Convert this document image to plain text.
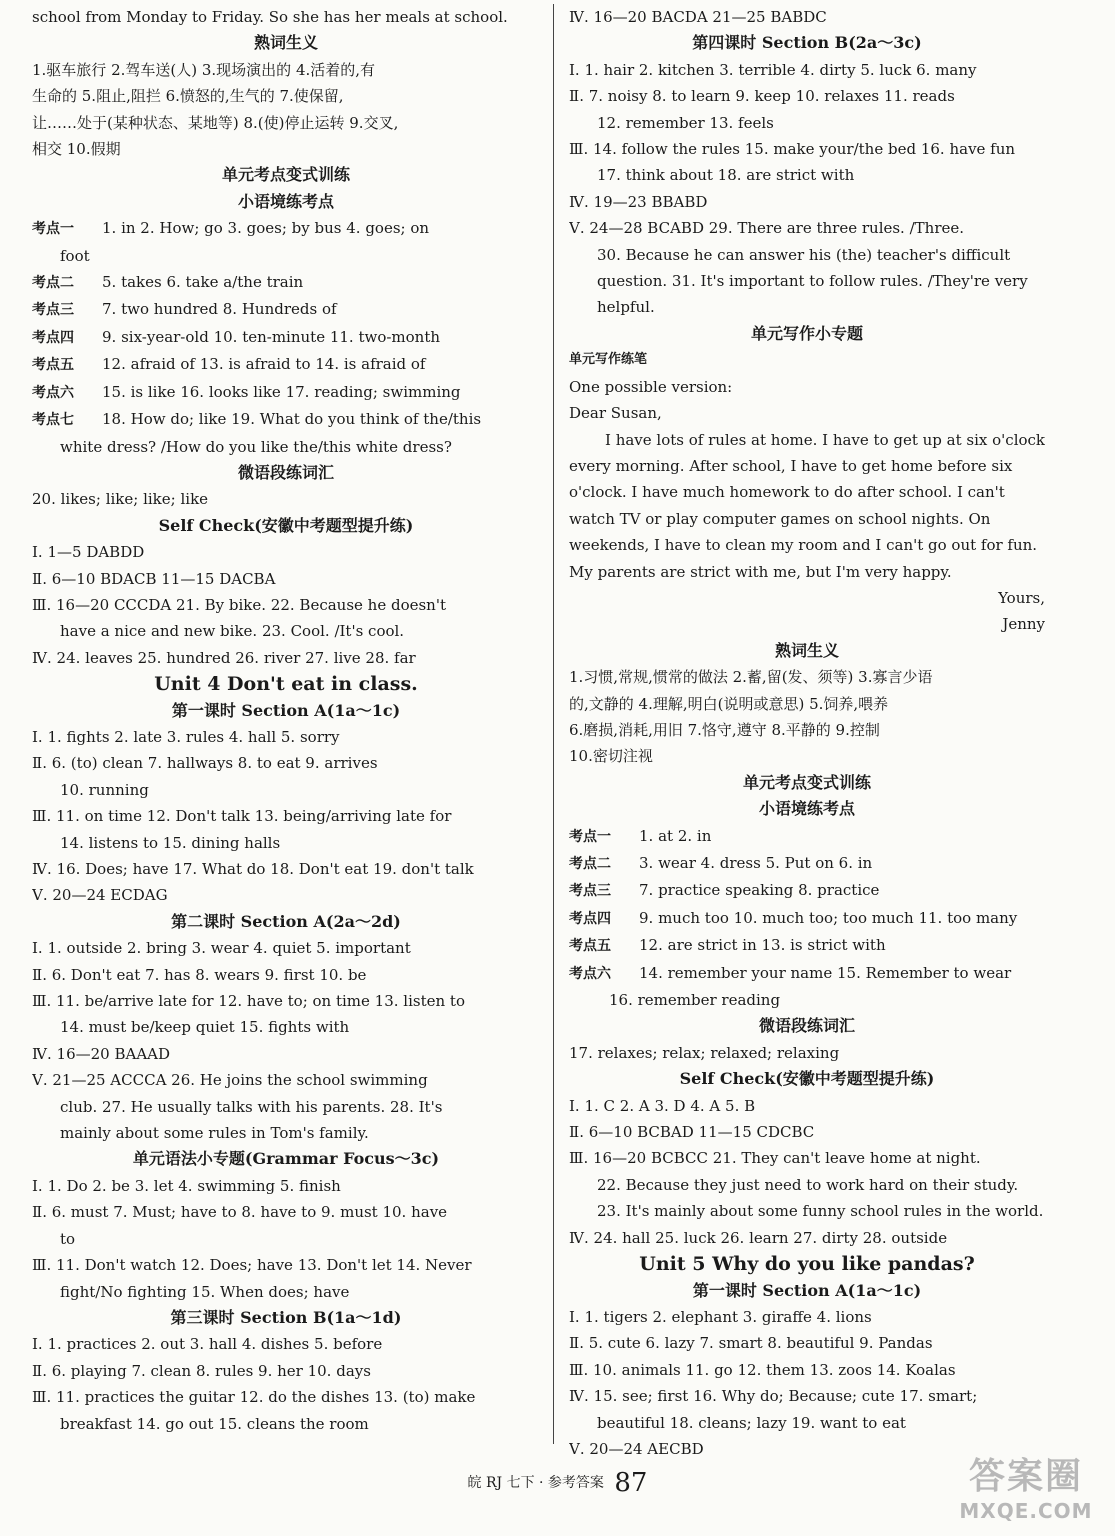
school from Monday to Friday. So she has her meals at school.
熟词生义
1.驱车旅行 2.驾车送(人) 3.现场演出的 4.活着的,有
生命的 5.阻止,阻拦 6.愤怒的,生气的 7.使保留,
让……处于(某种状态、某地等) 8.(使)停止运转 9.交叉,
相交 10.假期
单元考点变式训练
小语境练考点
考点一 1. in 2. How; go 3. goes; by bus 4. goes; on
foot
考点二 5. takes 6. take a/the train
考点三 7. two hundred 8. Hundreds of
考点四 9. six-year-old 10. ten-minute 11. two-month
考点五 12. afraid of 13. is afraid to 14. is afraid of
考点六 15. is like 16. looks like 17. reading; swimming
考点七 18. How do; like 19. What do you think of the/this
white dress? /How do you like the/this white dress?
微语段练词汇
20. likes; like; like; like
Self Check(安徽中考题型提升练)
Ⅰ. 1—5 DABDD
Ⅱ. 6—10 BDACB 11—15 DACBA
Ⅲ. 16—20 CCCDA 21. By bike. 22. Because he doesn't
have a nice and new bike. 23. Cool. /It's cool.
Ⅳ. 24. leaves 25. hundred 26. river 27. live 28. far
Unit 4 Don't eat in class.
第一课时 Section A(1a～1c)
Ⅰ. 1. fights 2. late 3. rules 4. hall 5. sorry
Ⅱ. 6. (to) clean 7. hallways 8. to eat 9. arrives
10. running
Ⅲ. 11. on time 12. Don't talk 13. being/arriving late for
14. listens to 15. dining halls
Ⅳ. 16. Does; have 17. What do 18. Don't eat 19. don't talk
Ⅴ. 20—24 ECDAG
第二课时 Section A(2a～2d)
Ⅰ. 1. outside 2. bring 3. wear 4. quiet 5. important
Ⅱ. 6. Don't eat 7. has 8. wears 9. first 10. be
Ⅲ. 11. be/arrive late for 12. have to; on time 13. listen to
14. must be/keep quiet 15. fights with
Ⅳ. 16—20 BAAAD
Ⅴ. 21—25 ACCCA 26. He joins the school swimming
club. 27. He usually talks with his parents. 28. It's
mainly about some rules in Tom's family.
单元语法小专题(Grammar Focus～3c)
Ⅰ. 1. Do 2. be 3. let 4. swimming 5. finish
Ⅱ. 6. must 7. Must; have to 8. have to 9. must 10. have
to
Ⅲ. 11. Don't watch 12. Does; have 13. Don't let 14. Never
fight/No fighting 15. When does; have
第三课时 Section B(1a～1d)
Ⅰ. 1. practices 2. out 3. hall 4. dishes 5. before
Ⅱ. 6. playing 7. clean 8. rules 9. her 10. days
Ⅲ. 11. practices the guitar 12. do the dishes 13. (to) make
breakfast 14. go out 15. cleans the room
Ⅳ. 16—20 BACDA 21—25 BABDC
第四课时 Section B(2a～3c)
Ⅰ. 1. hair 2. kitchen 3. terrible 4. dirty 5. luck 6. many
Ⅱ. 7. noisy 8. to learn 9. keep 10. relaxes 11. reads
12. remember 13. feels
Ⅲ. 14. follow the rules 15. make your/the bed 16. have fun
17. think about 18. are strict with
Ⅳ. 19—23 BBABD
Ⅴ. 24—28 BCABD 29. There are three rules. /Three.
30. Because he can answer his (the) teacher's difficult
question. 31. It's important to follow rules. /They're very
helpful.
单元写作小专题
单元写作练笔
One possible version:
Dear Susan,
I have lots of rules at home. I have to get up at six o'clock
every morning. After school, I have to get home before six
o'clock. I have much homework to do after school. I can't
watch TV or play computer games on school nights. On
weekends, I have to clean my room and I can't go out for fun.
My parents are strict with me, but I'm very happy.
Yours,
Jenny
熟词生义
1.习惯,常规,惯常的做法 2.蓄,留(发、须等) 3.寡言少语
的,文静的 4.理解,明白(说明或意思) 5.饲养,喂养
6.磨损,消耗,用旧 7.恪守,遵守 8.平静的 9.控制
10.密切注视
单元考点变式训练
小语境练考点
考点一 1. at 2. in
考点二 3. wear 4. dress 5. Put on 6. in
考点三 7. practice speaking 8. practice
考点四 9. much too 10. much too; too much 11. too many
考点五 12. are strict in 13. is strict with
考点六 14. remember your name 15. Remember to wear
16. remember reading
微语段练词汇
17. relaxes; relax; relaxed; relaxing
Self Check(安徽中考题型提升练)
Ⅰ. 1. C 2. A 3. D 4. A 5. B
Ⅱ. 6—10 BCBAD 11—15 CDCBC
Ⅲ. 16—20 BCBCC 21. They can't leave home at night.
22. Because they just need to work hard on their study.
23. It's mainly about some funny school rules in the world.
Ⅳ. 24. hall 25. luck 26. learn 27. dirty 28. outside
Unit 5 Why do you like pandas?
第一课时 Section A(1a～1c)
Ⅰ. 1. tigers 2. elephant 3. giraffe 4. lions
Ⅱ. 5. cute 6. lazy 7. smart 8. beautiful 9. Pandas
Ⅲ. 10. animals 11. go 12. them 13. zoos 14. Koalas
Ⅳ. 15. see; first 16. Why do; Because; cute 17. smart;
beautiful 18. cleans; lazy 19. want to eat
Ⅴ. 20—24 AECBD
皖 RJ 七下 · 参考答案 87	答案圈
MXQE.COM
